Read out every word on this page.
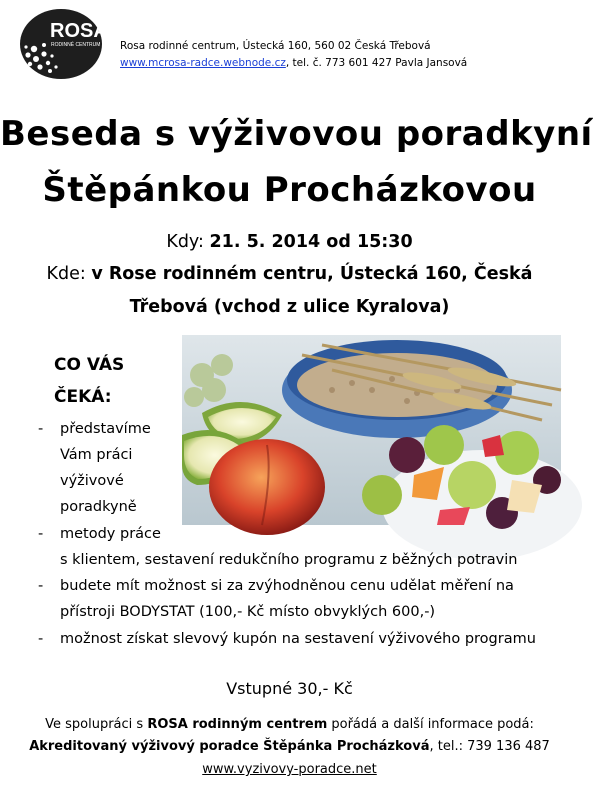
ROSA
RODINNÉ CENTRUM Rosa rodinné centrum, Ústecká 160, 560 02 Česká Třebová
www.mcrosa-radce.webnode.cz, tel. č. 773 601 427 Pavla Jansová
Beseda s výživovou poradkyní
Štěpánkou Procházkovou
Kdy: 21. 5. 2014 od 15:30
Kde: v Rose rodinném centru, Ústecká 160, Česká
Třebová (vchod z ulice Kyralova)
CO VÁS
ČEKÁ:
- představíme
Vám práci
výživové
poradkyně
- metody práce
s klientem, sestavení redukčního programu z běžných potravin
- budete mít možnost si za zvýhodněnou cenu udělat měření na
přístroji BODYSTAT (100,- Kč místo obvyklých 600,-)
- možnost získat slevový kupón na sestavení výživového programu
Vstupné 30,- Kč
Ve spolupráci s ROSA rodinným centrem pořádá a další informace podá:
Akreditovaný výživový poradce Štěpánka Procházková, tel.: 739 136 487
www.vyzivovy-poradce.net
